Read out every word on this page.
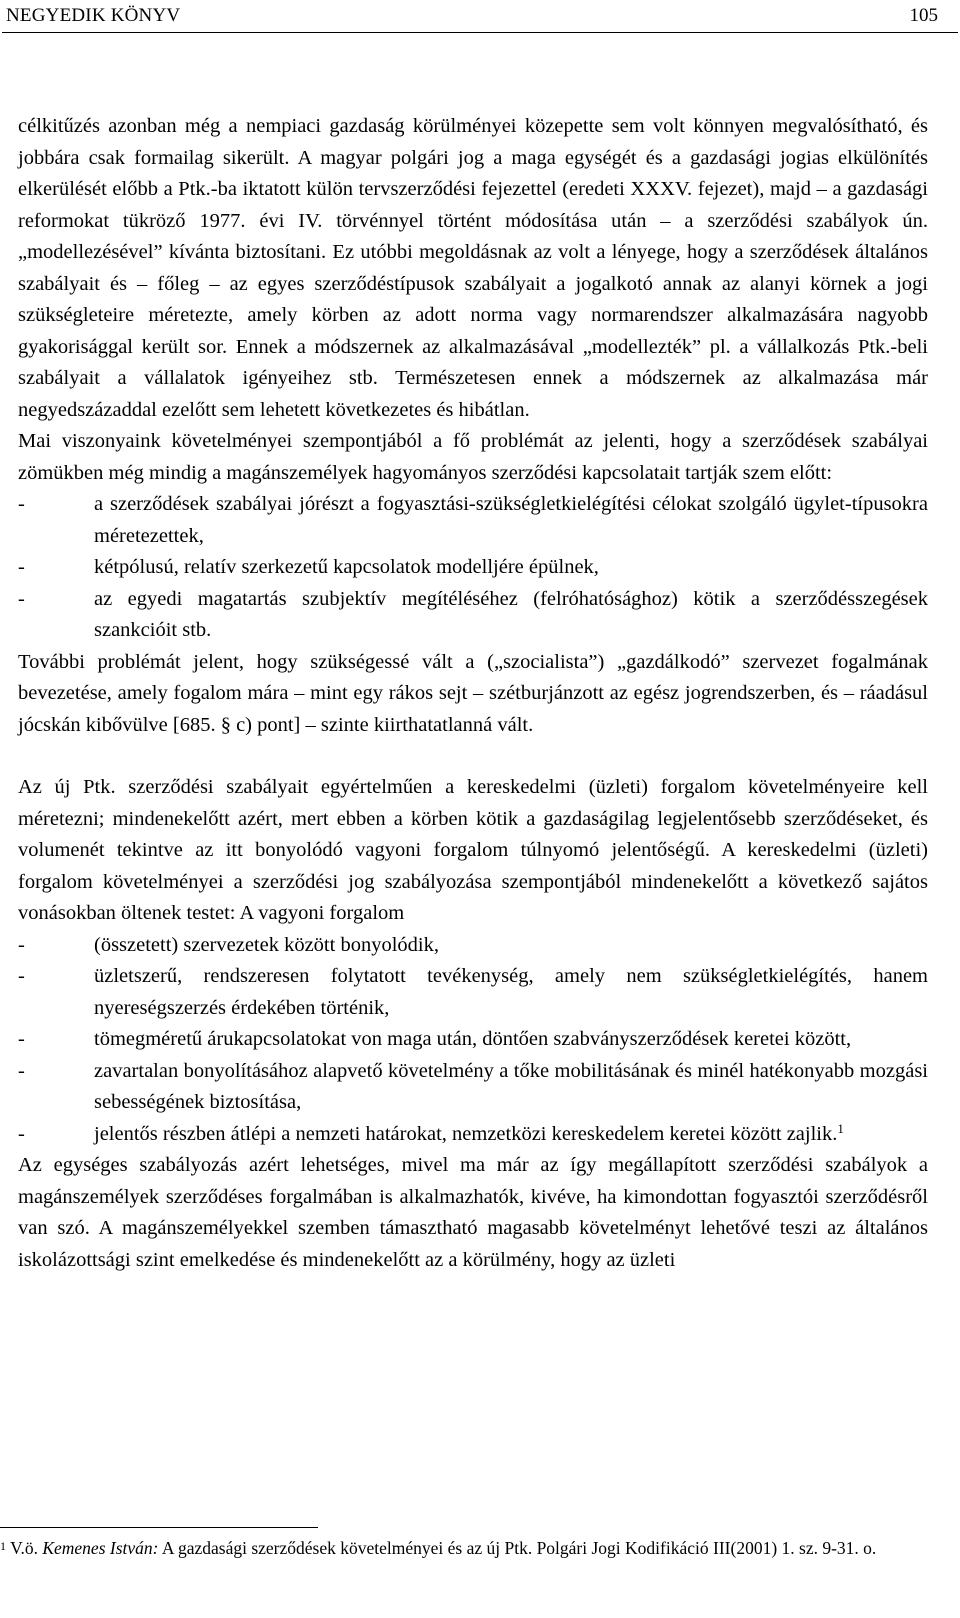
NEGYEDIK KÖNYV	105

célkitűzés azonban még a nempiaci gazdaság körülményei közepette sem volt könnyen megvalósítható, és jobbára csak formailag sikerült. A magyar polgári jog a maga egységét és a gazdasági jogias elkülönítés elkerülését előbb a Ptk.-ba iktatott külön tervszerződési fejezettel (eredeti XXXV. fejezet), majd – a gazdasági reformokat tükröző 1977. évi IV. törvénnyel történt módosítása után – a szerződési szabályok ún. „modellezésével” kívánta biztosítani. Ez utóbbi megoldásnak az volt a lényege, hogy a szerződések általános szabályait és – főleg – az egyes szerződéstípusok szabályait a jogalkotó annak az alanyi körnek a jogi szükségleteire méretezte, amely körben az adott norma vagy normarendszer alkalmazására nagyobb gyakorisággal került sor. Ennek a módszernek az alkalmazásával „modellezték” pl. a vállalkozás Ptk.-beli szabályait a vállalatok igényeihez stb. Természetesen ennek a módszernek az alkalmazása már negyedszázaddal ezelőtt sem lehetett következetes és hibátlan.

Mai viszonyaink követelményei szempontjából a fő problémát az jelenti, hogy a szerződések szabályai zömükben még mindig a magánszemélyek hagyományos szerződési kapcsolatait tartják szem előtt:

-	a szerződések szabályai jórészt a fogyasztási-szükségletkielégítési célokat szolgáló ügylet-típusokra méretezettek,
-	kétpólusú, relatív szerkezetű kapcsolatok modelljére épülnek,
-	az egyedi magatartás szubjektív megítéléséhez (felróhatósághoz) kötik a szerződésszegések szankcióit stb.

További problémát jelent, hogy szükségessé vált a („szocialista”) „gazdálkodó” szervezet fogalmának bevezetése, amely fogalom mára – mint egy rákos sejt – szétburjánzott az egész jogrendszerben, és – ráadásul jócskán kibővülve [685. § c) pont] – szinte kiirthatatlanná vált.

Az új Ptk. szerződési szabályait egyértelműen a kereskedelmi (üzleti) forgalom követelményeire kell méretezni; mindenekelőtt azért, mert ebben a körben kötik a gazdaságilag legjelentősebb szerződéseket, és volumenét tekintve az itt bonyolódó vagyoni forgalom túlnyomó jelentőségű. A kereskedelmi (üzleti) forgalom követelményei a szerződési jog szabályozása szempontjából mindenekelőtt a következő sajátos vonásokban öltenek testet: A vagyoni forgalom

-	(összetett) szervezetek között bonyolódik,
-	üzletszerű, rendszeresen folytatott tevékenység, amely nem szükségletkielégítés, hanem nyereségszerzés érdekében történik,
-	tömegméretű árukapcsolatokat von maga után, döntően szabványszerződések keretei között,
-	zavartalan bonyolításához alapvető követelmény a tőke mobilitásának és minél hatékonyabb mozgási sebességének biztosítása,
-	jelentős részben átlépi a nemzeti határokat, nemzetközi kereskedelem keretei között zajlik.$^1$

Az egységes szabályozás azért lehetséges, mivel ma már az így megállapított szerződési szabályok a magánszemélyek szerződéses forgalmában is alkalmazhatók, kivéve, ha kimondottan fogyasztói szerződésről van szó. A magánszemélyekkel szemben támasztható magasabb követelményt lehetővé teszi az általános iskolázottsági szint emelkedése és mindenekelőtt az a körülmény, hogy az üzleti

$^1$ V.ö. Kemenes István: A gazdasági szerződések követelményei és az új Ptk. Polgári Jogi Kodifikáció III(2001) 1. sz. 9-31. o.
